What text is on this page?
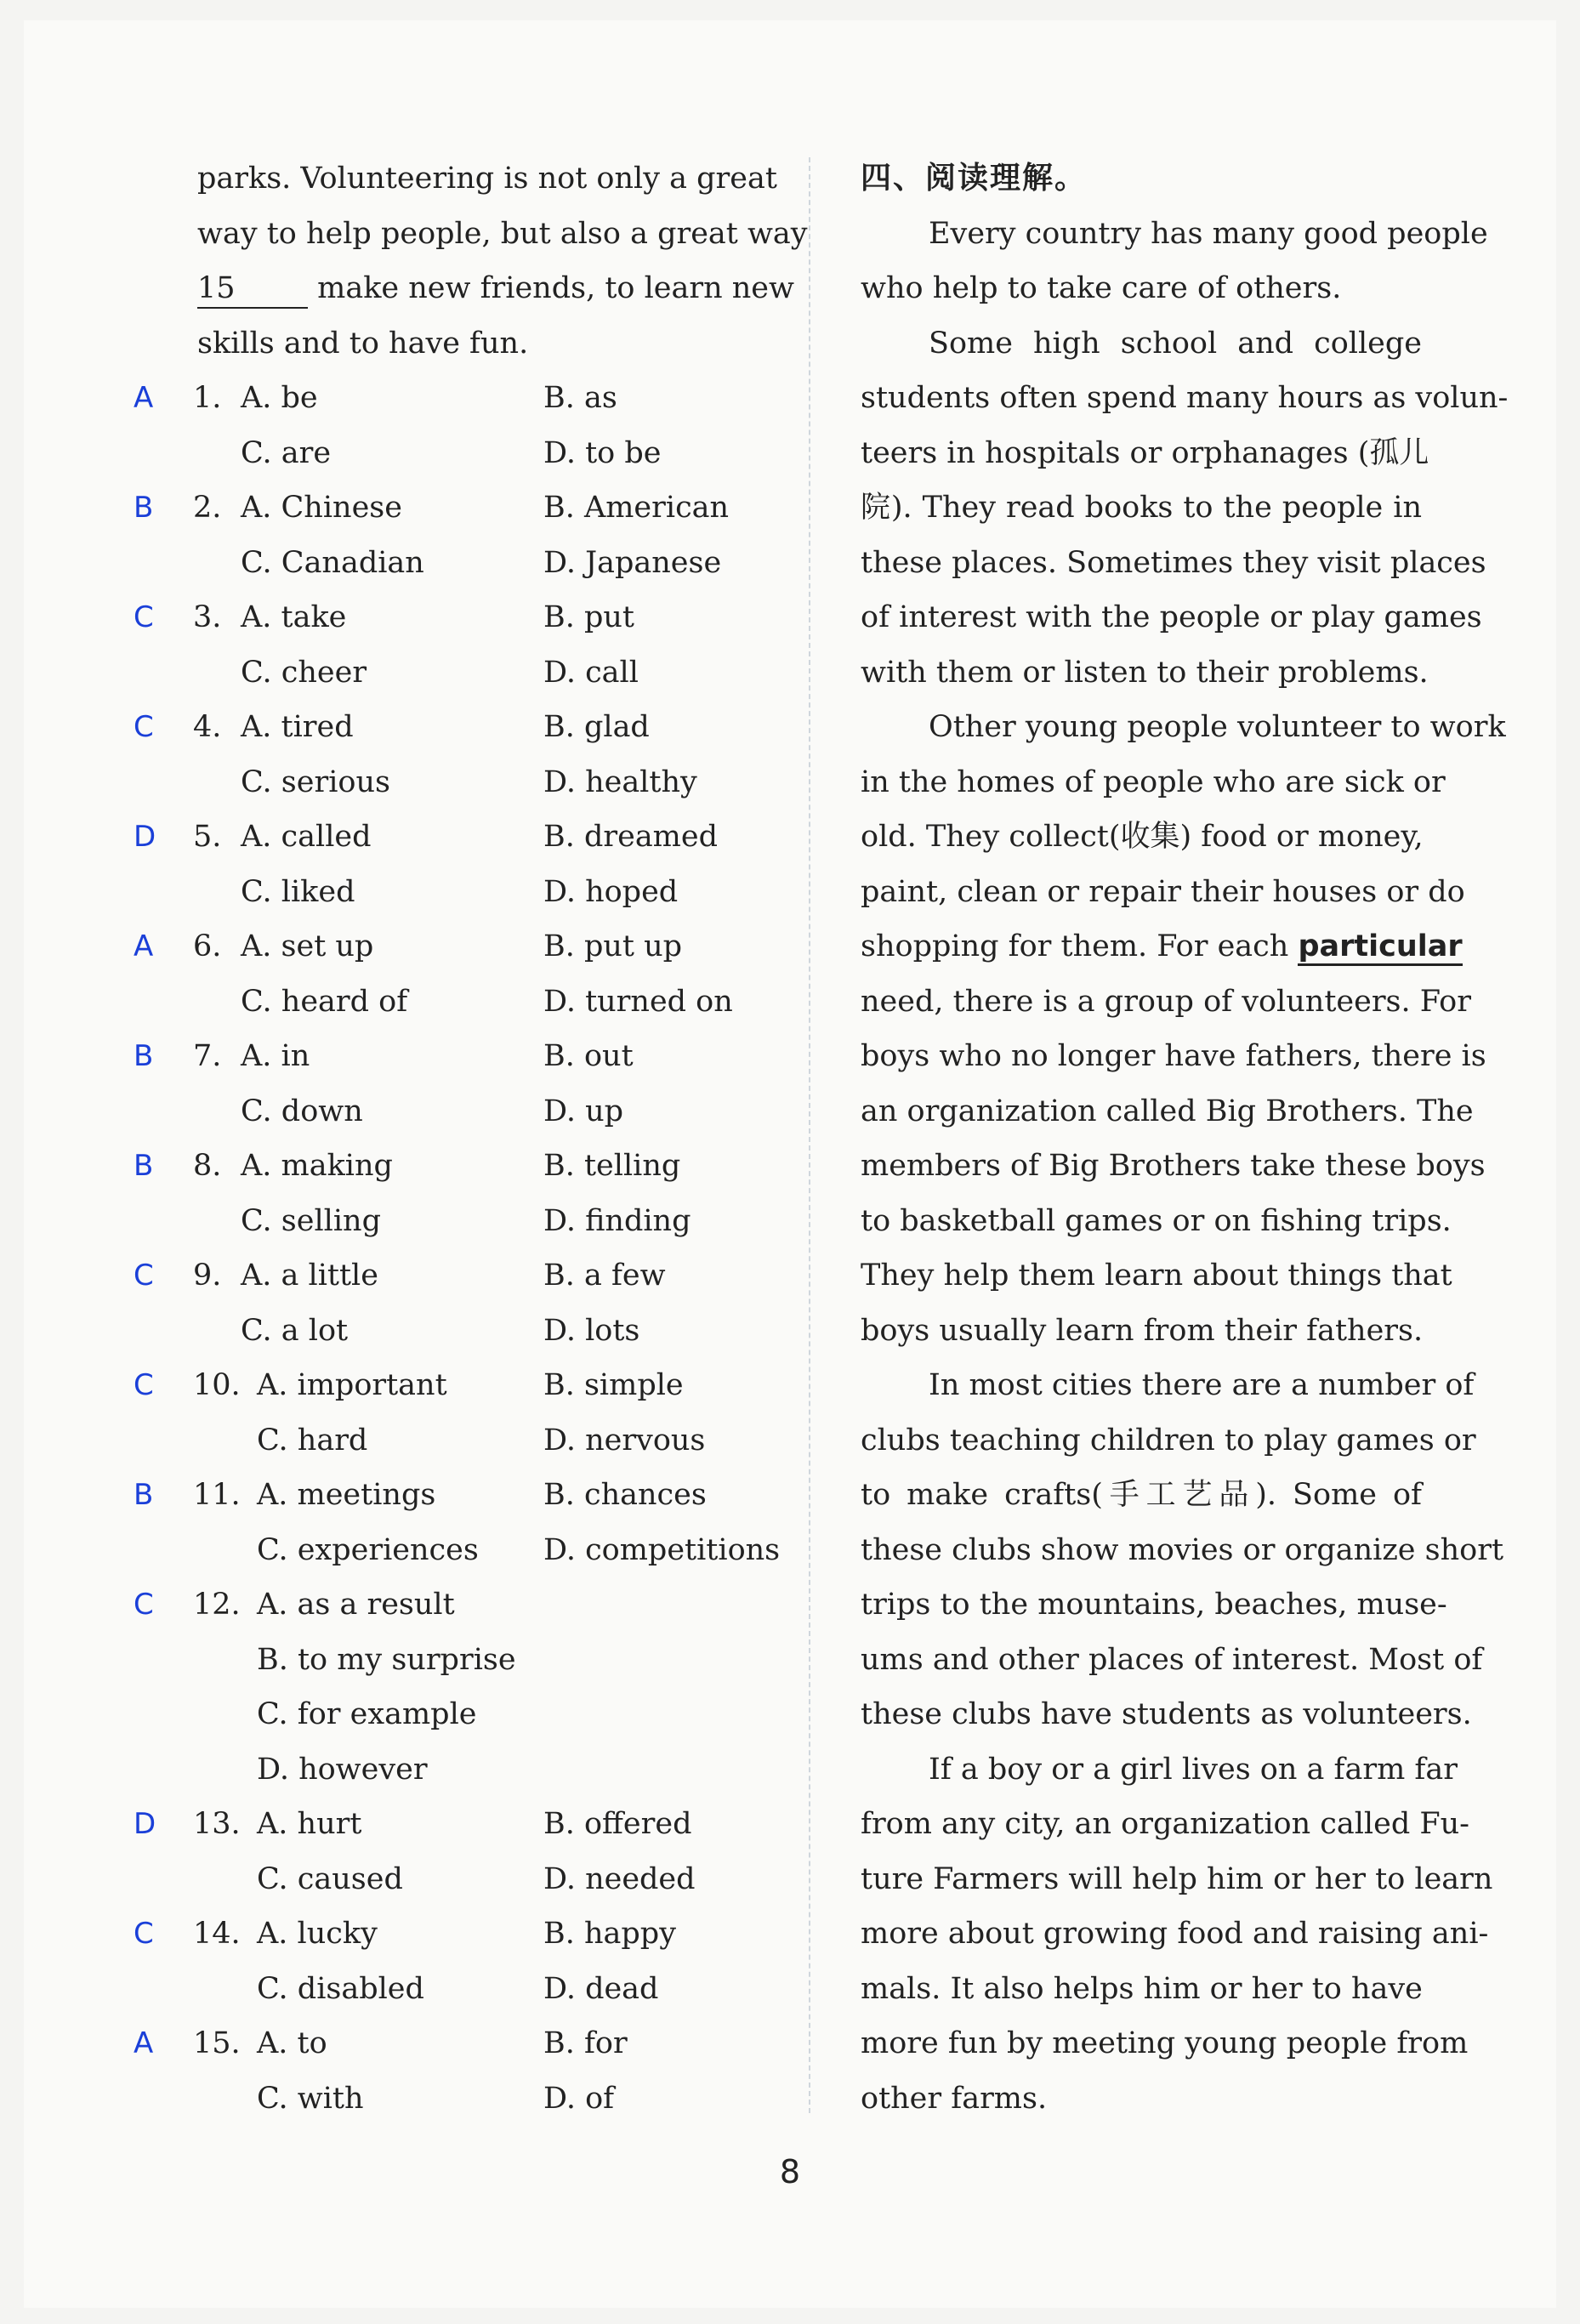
parks. Volunteering is not only a great
way to help people, but also a great way
15	make new friends, to learn new
skills and to have fun.
A	1. A. be	B. as
C. are	D. to be
B	2. A. Chinese	B. American
C. Canadian	D. Japanese
C	3. A. take	B. put
C. cheer	D. call
C	4. A. tired	B. glad
C. serious	D. healthy
D	5. A. called	B. dreamed
C. liked	D. hoped
A	6. A. set up	B. put up
C. heard of	D. turned on
B	7. A. in	B. out
C. down	D. up
B	8. A. making	B. telling
C. selling	D. finding
C	9. A. a little	B. a few
C. a lot	D. lots
C	10. A. important	B. simple
C. hard	D. nervous
B	11. A. meetings	B. chances
C. experiences D. competitions
C	12. A. as a result
B. to my surprise
C. for example
D. however
D	13. A. hurt	B. offered
C. caused	D. needed
C	14. A. lucky	B. happy
C. disabled	D. dead
A	15. A. to	B. for
C. with	D. of
四、阅读理解。
Every country has many good people
who help to take care of others.
Some high school and college
students often spend many hours as volun-
teers in hospitals or orphanages (孤儿
院). They read books to the people in
these places. Sometimes they visit places
of interest with the people or play games
with them or listen to their problems.
Other young people volunteer to work
in the homes of people who are sick or
old. They collect(收集) food or money,
paint, clean or repair their houses or do
shopping for them. For each particular
need, there is a group of volunteers. For
boys who no longer have fathers, there is
an organization called Big Brothers. The
members of Big Brothers take these boys
to basketball games or on fishing trips.
They help them learn about things that
boys usually learn from their fathers.
In most cities there are a number of
clubs teaching children to play games or
to make crafts(手工艺品). Some of
these clubs show movies or organize short
trips to the mountains, beaches, muse-
ums and other places of interest. Most of
these clubs have students as volunteers.
If a boy or a girl lives on a farm far
from any city, an organization called Fu-
ture Farmers will help him or her to learn
more about growing food and raising ani-
mals. It also helps him or her to have
more fun by meeting young people from
other farms.
8
